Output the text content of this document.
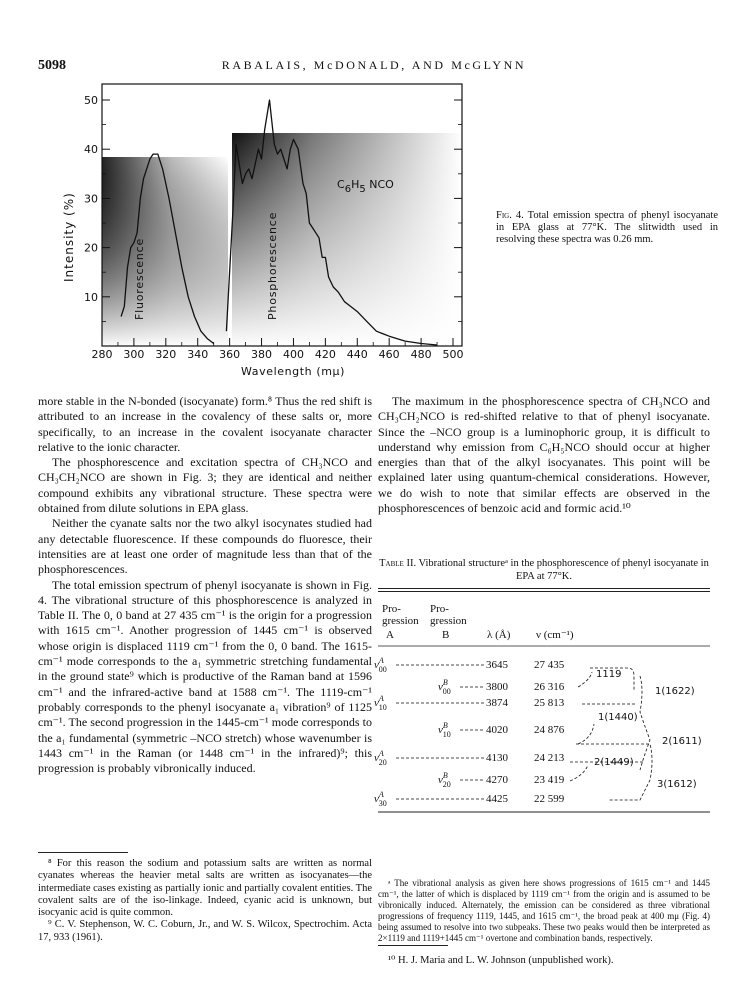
5098	RABALAIS, McDONALD, AND McGLYNN
10
20
30
40
50
280 300 320 340 360 380 400 420 440 460 480 500
C6H5 NCO
Fluorescence	Phosphorescence
Intensity (%)
Wavelength (mμ)
Fig. 4. Total emission spectra of phenyl isocyanate in EPA glass at 77°K. The slitwidth used in resolving these spectra was 0.26 mm.

more stable in the N-bonded (isocyanate) form.⁸ Thus the red shift is attributed to an increase in the covalency of these salts or, more specifically, to an increase in the covalent isocyanate character relative to the ionic character.

The phosphorescence and excitation spectra of CH₃NCO and CH₃CH₂NCO are shown in Fig. 3; they are identical and neither compound exhibits any vibrational structure. These spectra were obtained from dilute solutions in EPA glass.

Neither the cyanate salts nor the two alkyl isocynates studied had any detectable fluorescence. If these compounds do fluoresce, their intensities are at least one order of magnitude less than that of the phosphorescences.

The total emission spectrum of phenyl isocyanate is shown in Fig. 4. The vibrational structure of this phosphorescence is analyzed in Table II. The 0, 0 band at 27 435 cm⁻¹ is the origin for a progression with 1615 cm⁻¹. Another progression of 1445 cm⁻¹ is observed whose origin is displaced 1119 cm⁻¹ from the 0, 0 band. The 1615-cm⁻¹ mode corresponds to the a₁ symmetric stretching fundamental in the ground state⁹ which is productive of the Raman band at 1596 cm⁻¹ and the infrared-active band at 1588 cm⁻¹. The 1119-cm⁻¹ probably corresponds to the phenyl isocyanate a₁ vibration⁹ of 1125 cm⁻¹. The second progression in the 1445-cm⁻¹ mode corresponds to the a₁ fundamental (symmetric –NCO stretch) whose wavenumber is 1443 cm⁻¹ in the Raman (or 1448 cm⁻¹ in the infrared)⁹; this progression is probably vibronically induced.

⁸ For this reason the sodium and potassium salts are written as normal cyanates whereas the heavier metal salts are written as isocyanates—the intermediate cases existing as partially ionic and partially covalent entities. The covalent salts are of the iso-linkage. Indeed, cyanic acid is unknown, but isocyanic acid is quite common.

⁹ C. V. Stephenson, W. C. Coburn, Jr., and W. S. Wilcox, Spectrochim. Acta 17, 933 (1961).

The maximum in the phosphorescence spectra of CH₃NCO and CH₃CH₂NCO is red-shifted relative to that of phenyl isocyanate. Since the –NCO group is a luminophoric group, it is difficult to understand why emission from C₆H₅NCO should occur at higher energies than that of the alkyl isocyanates. This point will be explained later using quantum-chemical considerations. However, we do wish to note that similar effects are observed in the phosphorescences of benzoic acid and formic acid.¹⁰

Table II. Vibrational structureᵃ in the phosphorescence of phenyl isocyanate in EPA at 77°K.
Pro-
gression
A
Pro-
gression
B	λ (Å) ν (cm⁻¹)
$\nu^A$ 00	3645 27 435
$\nu^B$ 00	3800 26 316
$\nu^A$ 10	3874 25 813
$\nu^B$ 10	4020 24 876
$\nu^A$ 20	4130 24 213
$\nu^B$ 20	4270 23 419
$\nu^A$ 30	4425 22 599
1119
1(1622)
1(1440)
2(1611)
2(1449)
3(1612)

ᵃ The vibrational analysis as given here shows progressions of 1615 cm⁻¹ and 1445 cm⁻¹, the latter of which is displaced by 1119 cm⁻¹ from the origin and is assumed to be vibronically induced. Alternately, the emission can be considered as three vibrational progressions of frequency 1119, 1445, and 1615 cm⁻¹, the broad peak at 400 mμ (Fig. 4) being assumed to resolve into two subpeaks. These two peaks would then be interpreted as 2×1119 and 1119+1445 cm⁻¹ overtone and combination bands, respectively.

¹⁰ H. J. Maria and L. W. Johnson (unpublished work).
